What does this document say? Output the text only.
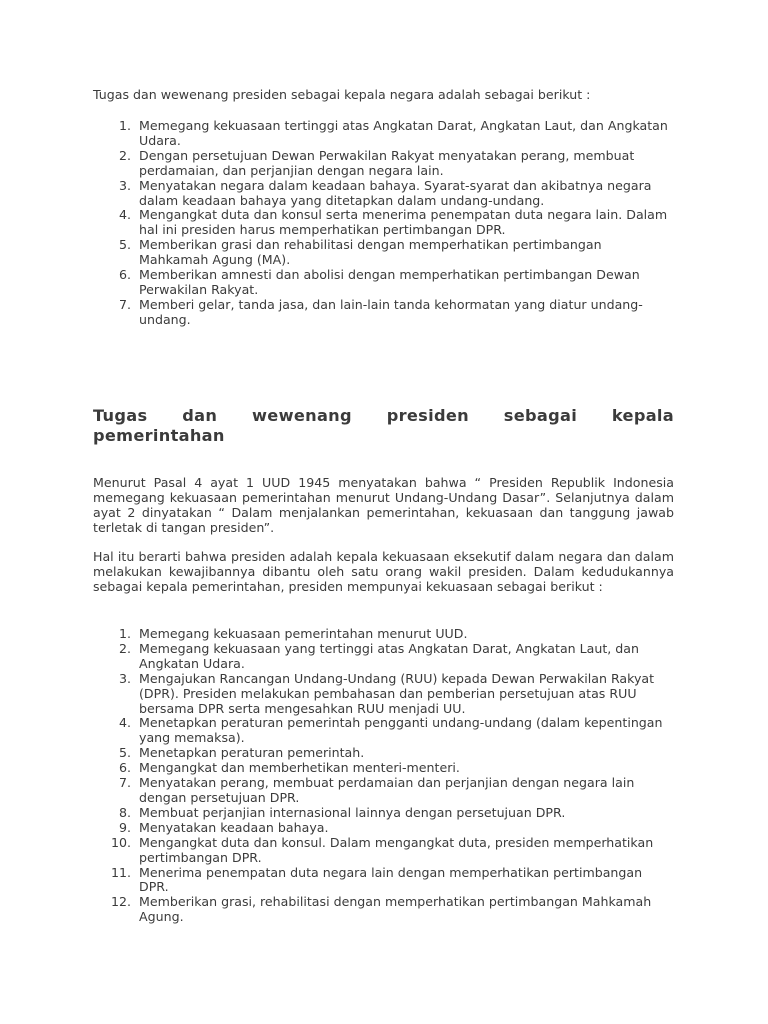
Tugas dan wewenang presiden sebagai kepala negara adalah sebagai berikut :

1. Memegang kekuasaan tertinggi atas Angkatan Darat, Angkatan Laut, dan Angkatan Udara.
2. Dengan persetujuan Dewan Perwakilan Rakyat menyatakan perang, membuat perdamaian, dan perjanjian dengan negara lain.
3. Menyatakan negara dalam keadaan bahaya. Syarat-syarat dan akibatnya negara dalam keadaan bahaya yang ditetapkan dalam undang-undang.
4. Mengangkat duta dan konsul serta menerima penempatan duta negara lain. Dalam hal ini presiden harus memperhatikan pertimbangan DPR.
5. Memberikan grasi dan rehabilitasi dengan memperhatikan pertimbangan Mahkamah Agung (MA).
6. Memberikan amnesti dan abolisi dengan memperhatikan pertimbangan Dewan Perwakilan Rakyat.
7. Memberi gelar, tanda jasa, dan lain-lain tanda kehormatan yang diatur undang-undang.
Tugas dan wewenang presiden sebagai kepala
pemerintahan

Menurut Pasal 4 ayat 1 UUD 1945 menyatakan bahwa “ Presiden Republik Indonesia memegang kekuasaan pemerintahan menurut Undang-Undang Dasar”. Selanjutnya dalam ayat 2 dinyatakan “ Dalam menjalankan pemerintahan, kekuasaan dan tanggung jawab terletak di tangan presiden”.

Hal itu berarti bahwa presiden adalah kepala kekuasaan eksekutif dalam negara dan dalam melakukan kewajibannya dibantu oleh satu orang wakil presiden. Dalam kedudukannya sebagai kepala pemerintahan, presiden mempunyai kekuasaan sebagai berikut :

1. Memegang kekuasaan pemerintahan menurut UUD.
2. Memegang kekuasaan yang tertinggi atas Angkatan Darat, Angkatan Laut, dan Angkatan Udara.
3. Mengajukan Rancangan Undang-Undang (RUU) kepada Dewan Perwakilan Rakyat (DPR). Presiden melakukan pembahasan dan pemberian persetujuan atas RUU bersama DPR serta mengesahkan RUU menjadi UU.
4. Menetapkan peraturan pemerintah pengganti undang-undang (dalam kepentingan yang memaksa).
5. Menetapkan peraturan pemerintah.
6. Mengangkat dan memberhetikan menteri-menteri.
7. Menyatakan perang, membuat perdamaian dan perjanjian dengan negara lain dengan persetujuan DPR.
8. Membuat perjanjian internasional lainnya dengan persetujuan DPR.
9. Menyatakan keadaan bahaya.
10. Mengangkat duta dan konsul. Dalam mengangkat duta, presiden memperhatikan pertimbangan DPR.
11. Menerima penempatan duta negara lain dengan memperhatikan pertimbangan DPR.
12. Memberikan grasi, rehabilitasi dengan memperhatikan pertimbangan Mahkamah Agung.
